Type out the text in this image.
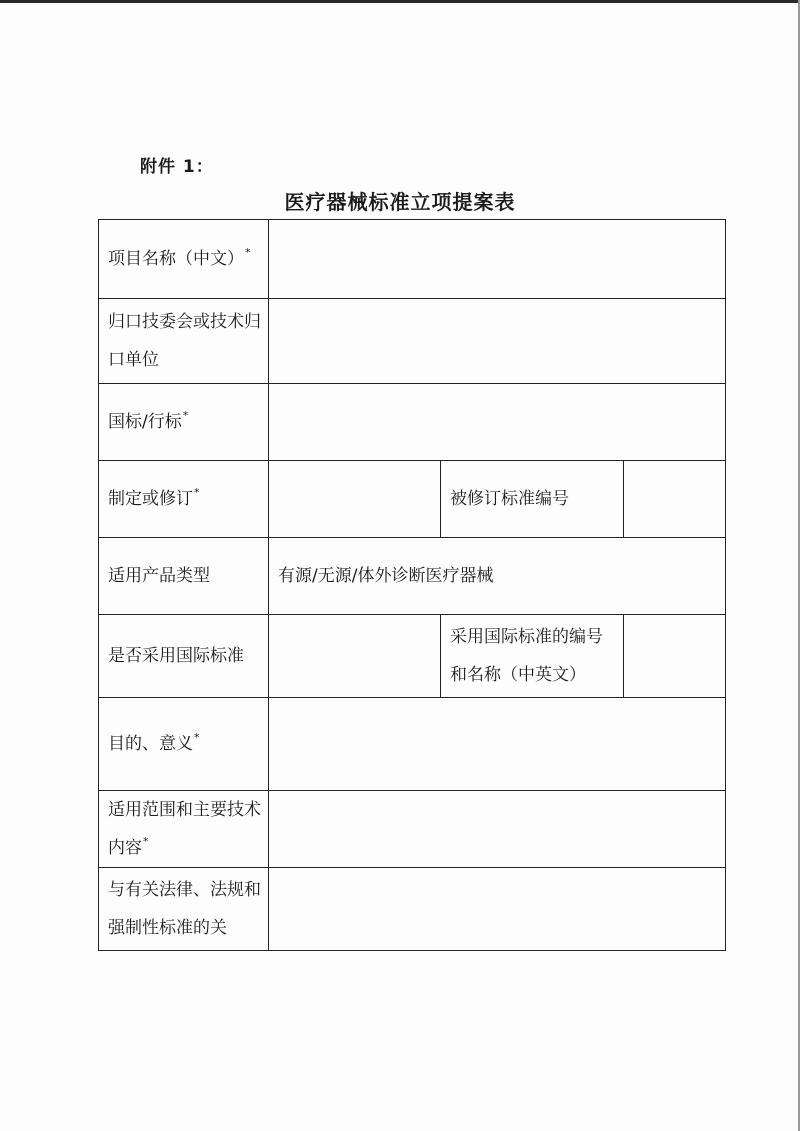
附件 1：
医疗器械标准立项提案表
项目名称（中文）*	
归口技委会或技术归口单位			
国标/行标*	
制定或修订*		被修订标准编号	
适用产品类型	有源/无源/体外诊断医疗器械		
是否采用国际标准		采用国际标准的编号和名称（中英文）	
目的、意义*	
适用范围和主要技术内容*	
与有关法律、法规和强制性标准的关			
